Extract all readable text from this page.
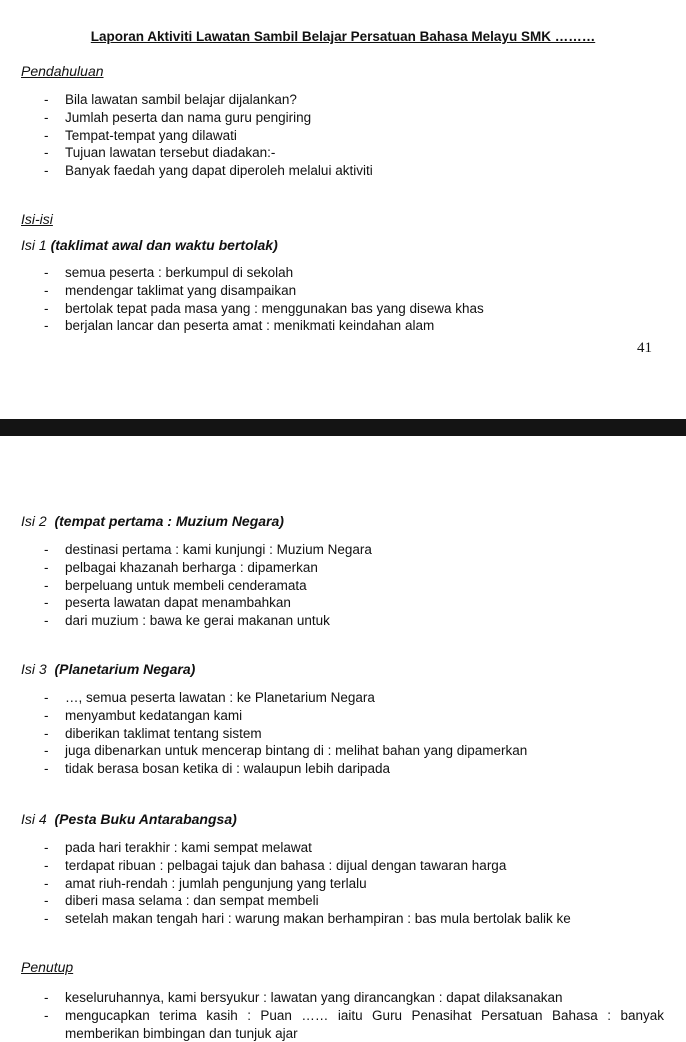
Laporan Aktiviti Lawatan Sambil Belajar Persatuan Bahasa Melayu SMK ………
Pendahuluan
- Bila lawatan sambil belajar dijalankan?
- Jumlah peserta dan nama guru pengiring
- Tempat-tempat yang dilawati
- Tujuan lawatan tersebut diadakan:-
- Banyak faedah yang dapat diperoleh melalui aktiviti
Isi-isi
Isi 1 (taklimat awal dan waktu bertolak)
- semua peserta : berkumpul di sekolah
- mendengar taklimat yang disampaikan
- bertolak tepat pada masa yang : menggunakan bas yang disewa khas
- berjalan lancar dan peserta amat : menikmati keindahan alam
41
Isi 2 (tempat pertama : Muzium Negara)
- destinasi pertama : kami kunjungi : Muzium Negara
- pelbagai khazanah berharga : dipamerkan
- berpeluang untuk membeli cenderamata
- peserta lawatan dapat menambahkan
- dari muzium : bawa ke gerai makanan untuk
Isi 3 (Planetarium Negara)
- …, semua peserta lawatan : ke Planetarium Negara
- menyambut kedatangan kami
- diberikan taklimat tentang sistem
- juga dibenarkan untuk mencerap bintang di : melihat bahan yang dipamerkan
- tidak berasa bosan ketika di : walaupun lebih daripada
Isi 4 (Pesta Buku Antarabangsa)
- pada hari terakhir : kami sempat melawat
- terdapat ribuan : pelbagai tajuk dan bahasa : dijual dengan tawaran harga
- amat riuh-rendah : jumlah pengunjung yang terlalu
- diberi masa selama : dan sempat membeli
- setelah makan tengah hari : warung makan berhampiran : bas mula bertolak balik ke
Penutup
- keseluruhannya, kami bersyukur : lawatan yang dirancangkan : dapat dilaksanakan
- mengucapkan terima kasih : Puan …… iaitu Guru Penasihat Persatuan Bahasa : banyak memberikan bimbingan dan tunjuk ajar
